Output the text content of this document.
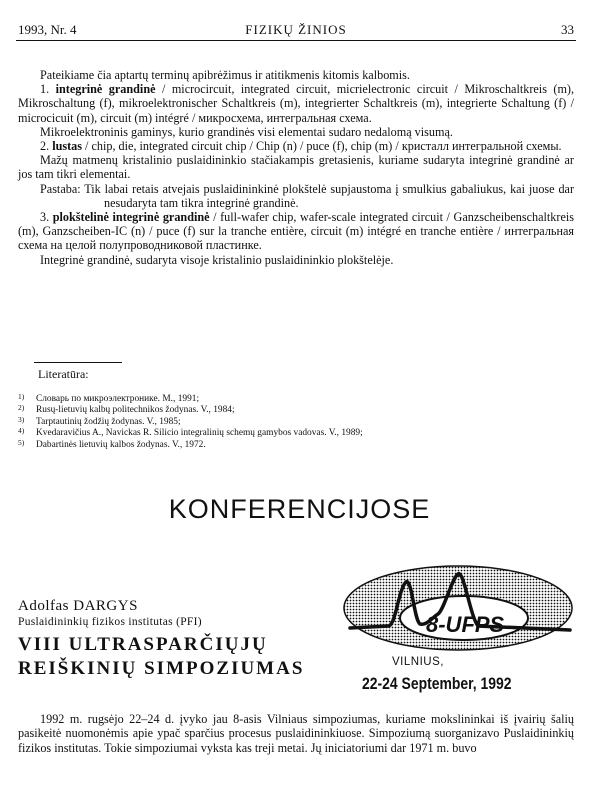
1993, Nr. 4	FIZIKŲ ŽINIOS	33

Pateikiame čia aptartų terminų apibrėžimus ir atitikmenis kitomis kalbomis.

1. integrinė grandinė / microcircuit, integrated circuit, micrielectronic circuit / Mikroschaltkreis (m), Mikroschaltung (f), mikroelektronischer Schaltkreis (m), integrierter Schaltkreis (m), integrierte Schaltung (f) / microcicuit (m), circuit (m) intégré / микросхема, интегральная схема.

Mikroelektroninis gaminys, kurio grandinės visi elementai sudaro nedalomą visumą.

2. lustas / chip, die, integrated circuit chip / Chip (n) / puce (f), chip (m) / кристалл интегральной схемы.

Mažų matmenų kristalinio puslaidininkio stačiakampis gretasienis, kuriame sudaryta integrinė grandinė ar jos tam tikri elementai.

Pastaba: Tik labai retais atvejais puslaidininkinė plokštelė supjaustoma į smulkius gabaliukus, kai juose dar nesudaryta tam tikra integrinė grandinė.

3. plokštelinė integrinė grandinė / full-wafer chip, wafer-scale integrated circuit / Ganzscheibenschaltkreis (m), Ganzscheiben-IC (n) / puce (f) sur la tranche entière, circuit (m) intégré en tranche entière / интегральная схема на целой полупроводниковой пластинке.

Integrinė grandinė, sudaryta visoje kristalinio puslaidininkio plokštelėje.

Literatūra:
1) Словарь по микроэлектронике. M., 1991;
2) Rusų-lietuvių kalbų politechnikos žodynas. V., 1984;
3) Tarptautinių žodžių žodynas. V., 1985;
4) Kvedaravičius A., Navickas R. Silicio integralinių schemų gamybos vadovas. V., 1989;
5) Dabartinės lietuvių kalbos žodynas. V., 1972.
KONFERENCIJOSE
Adolfas DARGYS
Puslaidininkių fizikos institutas (PFI)
VIII ULTRASPARČIŲJŲ
REIŠKINIŲ SIMPOZIUMAS
8-UFPS
VILNIUS,
22-24 September, 1992

1992 m. rugsėjo 22–24 d. įvyko jau 8-asis Vilniaus simpoziumas, kuriame mokslininkai iš įvairių šalių pasikeitė nuomonėmis apie ypač sparčius procesus puslaidininkiuose. Simpoziumą suorganizavo Puslaidininkių fizikos institutas. Tokie simpoziumai vyksta kas treji metai. Jų iniciatoriumi dar 1971 m. buvo
